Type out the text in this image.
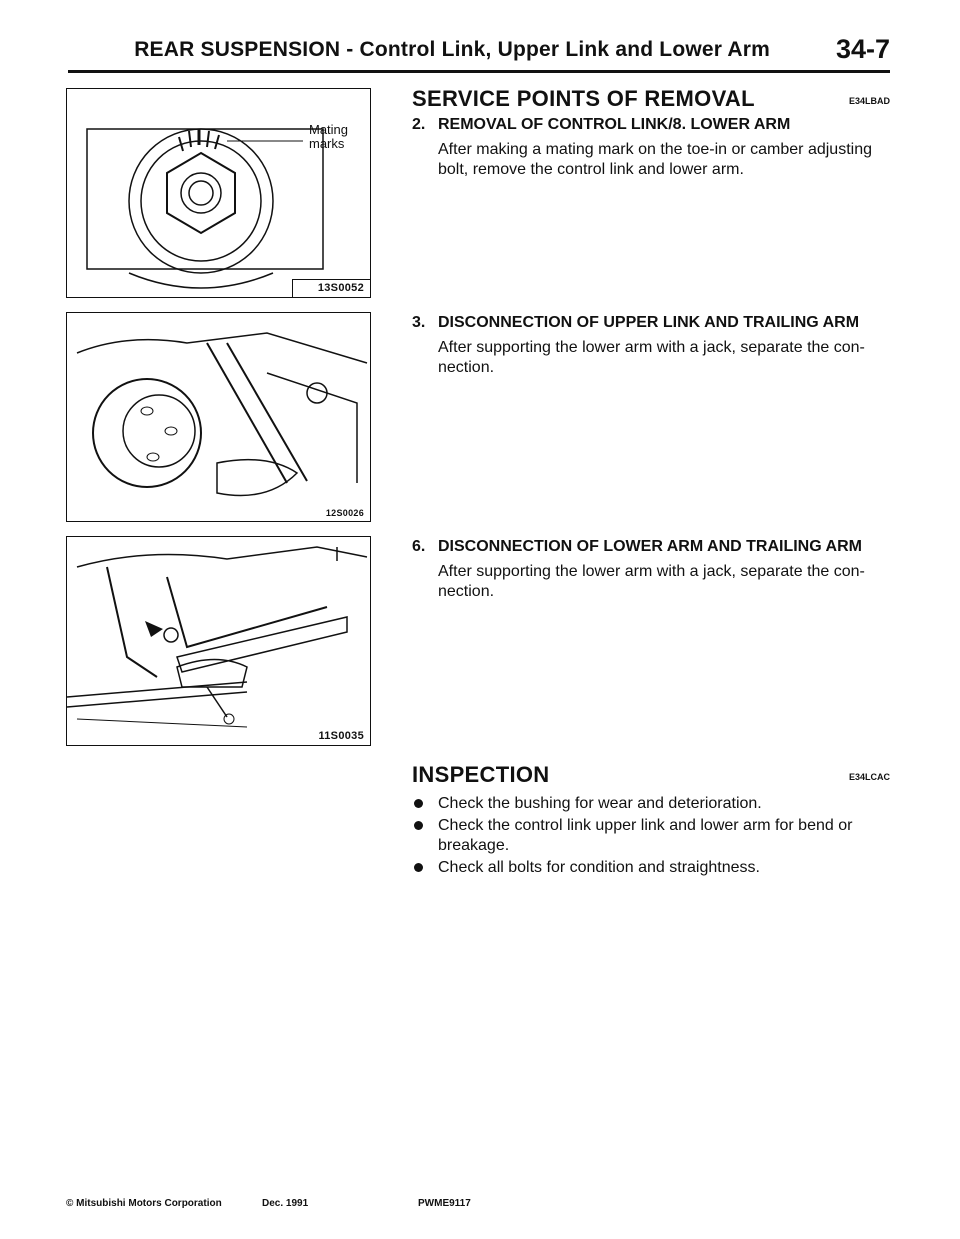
REAR SUSPENSION - Control Link, Upper Link and Lower Arm 34-7
Mating
marks
13S0052
12S0026
11S0035
SERVICE POINTS OF REMOVAL	E34LBAD
2. REMOVAL OF CONTROL LINK/8. LOWER ARM
After making a mating mark on the toe-in or camber adjusting
bolt, remove the control link and lower arm.
3. DISCONNECTION OF UPPER LINK AND TRAILING ARM
After supporting the lower arm with a jack, separate the con-
nection.
6. DISCONNECTION OF LOWER ARM AND TRAILING ARM
After supporting the lower arm with a jack, separate the con-
nection.
INSPECTION	E34LCAC
Check the bushing for wear and deterioration.
Check the control link upper link and lower arm for bend or
breakage.
Check all bolts for condition and straightness.
© Mitsubishi Motors Corporation	Dec. 1991	PWME9117
